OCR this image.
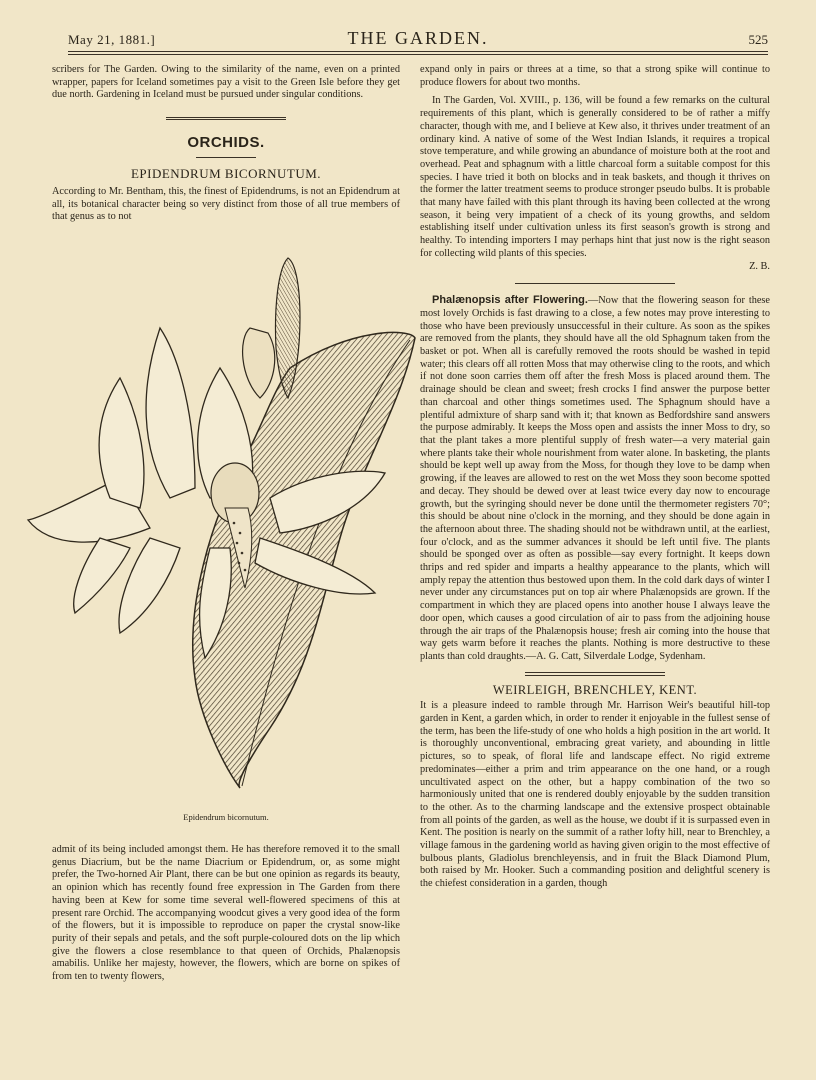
May 21, 1881.]	THE GARDEN.	525

scribers for The Garden. Owing to the similarity of the name, even on a printed wrapper, papers for Iceland sometimes pay a visit to the Green Isle before they get due north. Gardening in Iceland must be pursued under singular conditions.

ORCHIDS.
EPIDENDRUM BICORNUTUM.

According to Mr. Bentham, this, the finest of Epidendrums, is not an Epidendrum at all, its botanical character being so very distinct from those of all true members of that genus as to not

Epidendrum bicornutum.

admit of its being included amongst them. He has therefore removed it to the small genus Diacrium, but be the name Diacrium or Epidendrum, or, as some might prefer, the Two-horned Air Plant, there can be but one opinion as regards its beauty, an opinion which has recently found free expression in The Garden from there having been at Kew for some time several well-flowered specimens of this at present rare Orchid. The accompanying woodcut gives a very good idea of the form of the flowers, but it is impossible to reproduce on paper the crystal snow-like purity of their sepals and petals, and the soft purple-coloured dots on the lip which give the flowers a close resemblance to that queen of Orchids, Phalænopsis amabilis. Unlike her majesty, however, the flowers, which are borne on spikes of from ten to twenty flowers,

expand only in pairs or threes at a time, so that a strong spike will continue to produce flowers for about two months.

In The Garden, Vol. XVIII., p. 136, will be found a few remarks on the cultural requirements of this plant, which is generally considered to be of rather a miffy character, though with me, and I believe at Kew also, it thrives under treatment of an ordinary kind. A native of some of the West Indian Islands, it requires a tropical stove temperature, and while growing an abundance of moisture both at the root and overhead. Peat and sphagnum with a little charcoal form a suitable compost for this species. I have tried it both on blocks and in teak baskets, and though it thrives on the former the latter treatment seems to produce stronger pseudo bulbs. It is probable that many have failed with this plant through its having been collected at the wrong season, it being very impatient of a check of its young growths, and seldom establishing itself under cultivation unless its first season's growth is strong and healthy. To intending importers I may perhaps hint that just now is the right season for collecting wild plants of this species.

Z. B.

Phalænopsis after Flowering.—Now that the flowering season for these most lovely Orchids is fast drawing to a close, a few notes may prove interesting to those who have been previously unsuccessful in their culture. As soon as the spikes are removed from the plants, they should have all the old Sphagnum taken from the basket or pot. When all is carefully removed the roots should be washed in tepid water; this clears off all rotten Moss that may otherwise cling to the roots, and which if not done soon carries them off after the fresh Moss is placed around them. The drainage should be clean and sweet; fresh crocks I find answer the purpose better than charcoal and other things sometimes used. The Sphagnum should have a plentiful admixture of sharp sand with it; that known as Bedfordshire sand answers the purpose admirably. It keeps the Moss open and assists the inner Moss to dry, so that the plant takes a more plentiful supply of fresh water—a very material gain where plants take their whole nourishment from water alone. In basketing, the plants should be kept well up away from the Moss, for though they love to be damp when growing, if the leaves are allowed to rest on the wet Moss they soon become spotted and decay. They should be dewed over at least twice every day now to encourage growth, but the syringing should never be done until the thermometer registers 70°; this should be about nine o'clock in the morning, and they should be done again in the afternoon about three. The shading should not be withdrawn until, at the earliest, four o'clock, and as the summer advances it should be left until five. The plants should be sponged over as often as possible—say every fortnight. It keeps down thrips and red spider and imparts a healthy appearance to the plants, which will amply repay the attention thus bestowed upon them. In the cold dark days of winter I never under any circumstances put on top air where Phalænopsids are grown. If the compartment in which they are placed opens into another house I always leave the door open, which causes a good circulation of air to pass from the adjoining house through the air traps of the Phalænopsis house; fresh air coming into the house that way gets warm before it reaches the plants. Nothing is more destructive to these plants than cold draughts.—A. G. Catt, Silverdale Lodge, Sydenham.

WEIRLEIGH, BRENCHLEY, KENT.

It is a pleasure indeed to ramble through Mr. Harrison Weir's beautiful hill-top garden in Kent, a garden which, in order to render it enjoyable in the fullest sense of the term, has been the life-study of one who holds a high position in the art world. It is thoroughly unconventional, embracing great variety, and abounding in little pictures, so to speak, of floral life and landscape effect. No rigid extreme predominates—either a prim and trim appearance on the one hand, or a rough uncultivated aspect on the other, but a happy combination of the two so harmoniously united that one is rendered doubly enjoyable by the sudden transition to the other. As to the charming landscape and the extensive prospect obtainable from all points of the garden, as well as the house, we doubt if it is surpassed even in Kent. The position is nearly on the summit of a rather lofty hill, near to Brenchley, a village famous in the gardening world as having given origin to the most effective of bulbous plants, Gladiolus brenchleyensis, and in fruit the Black Diamond Plum, both raised by Mr. Hooker. Such a commanding position and delightful scenery is the chiefest consideration in a garden, though
